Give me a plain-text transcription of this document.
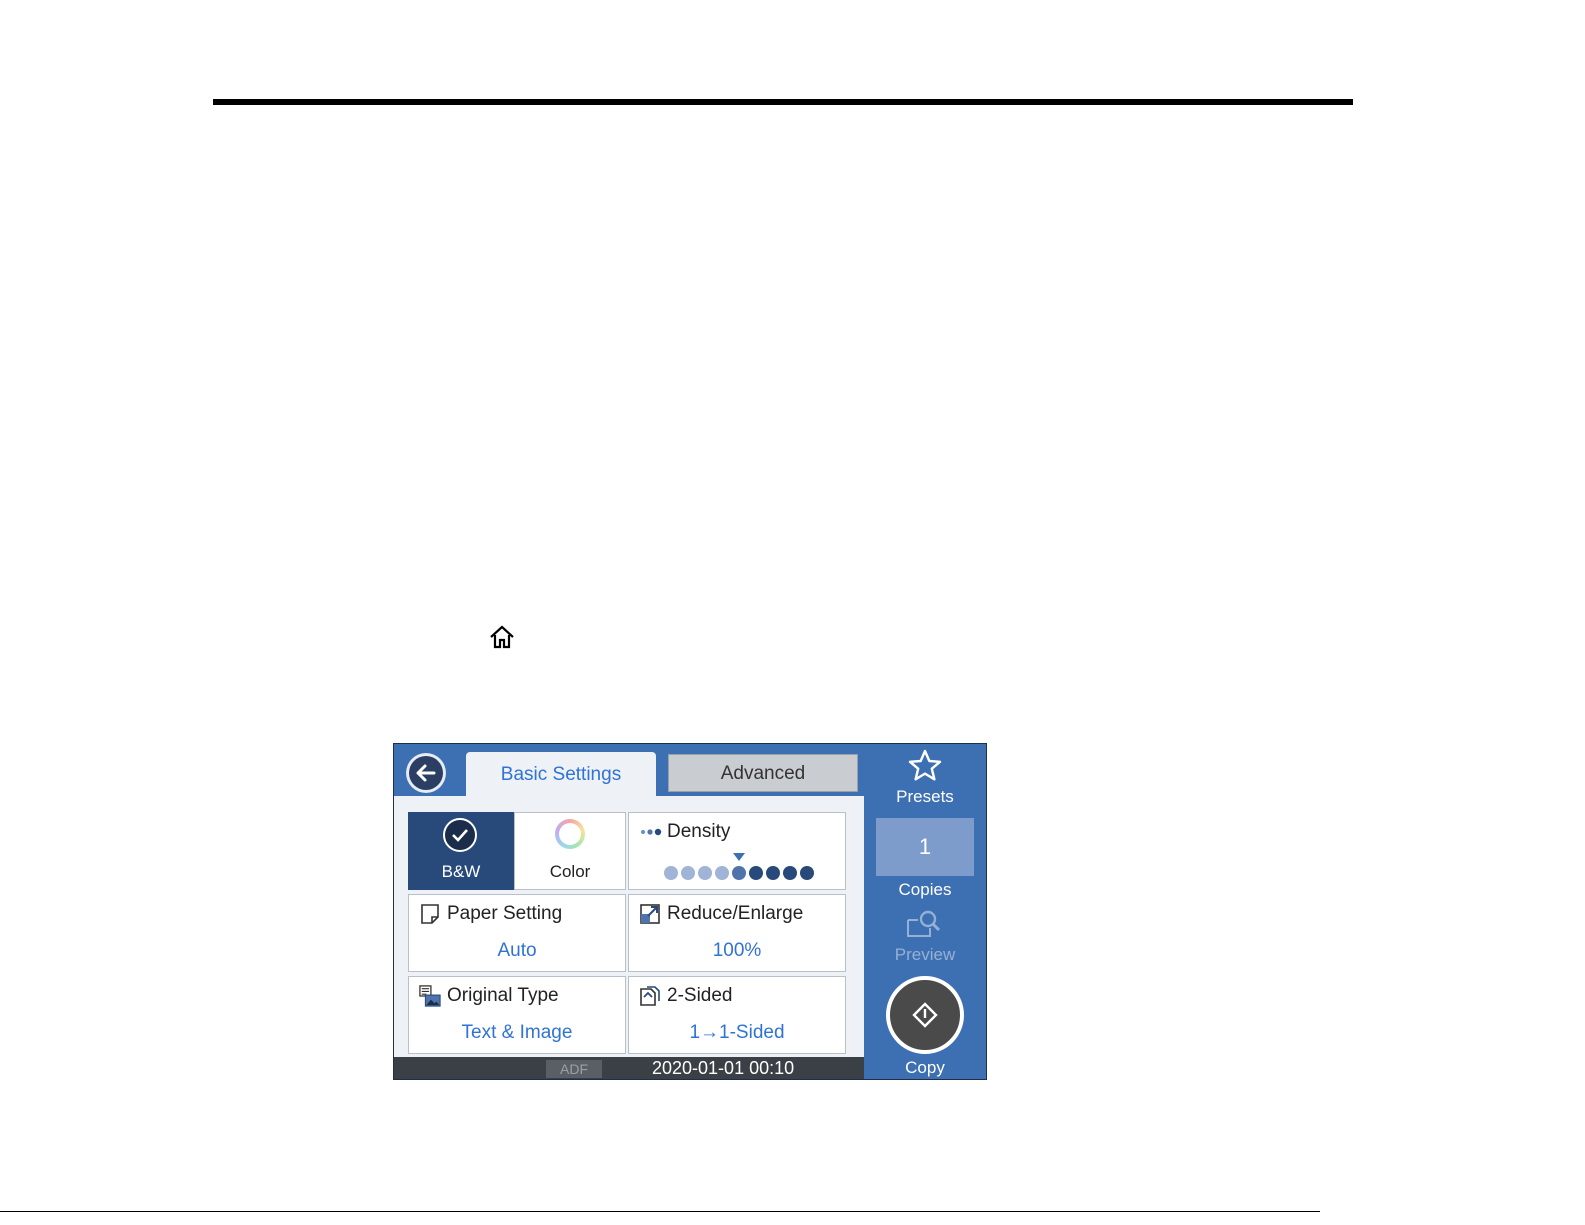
Basic Settings	Advanced
B&W	Color
Density
Paper Setting
Auto
Reduce/Enlarge
100%
Original Type
Text & Image
2-Sided
1→1-Sided
ADF	2020-01-01 00:10
Presets
1
Copies
Preview
Copy
